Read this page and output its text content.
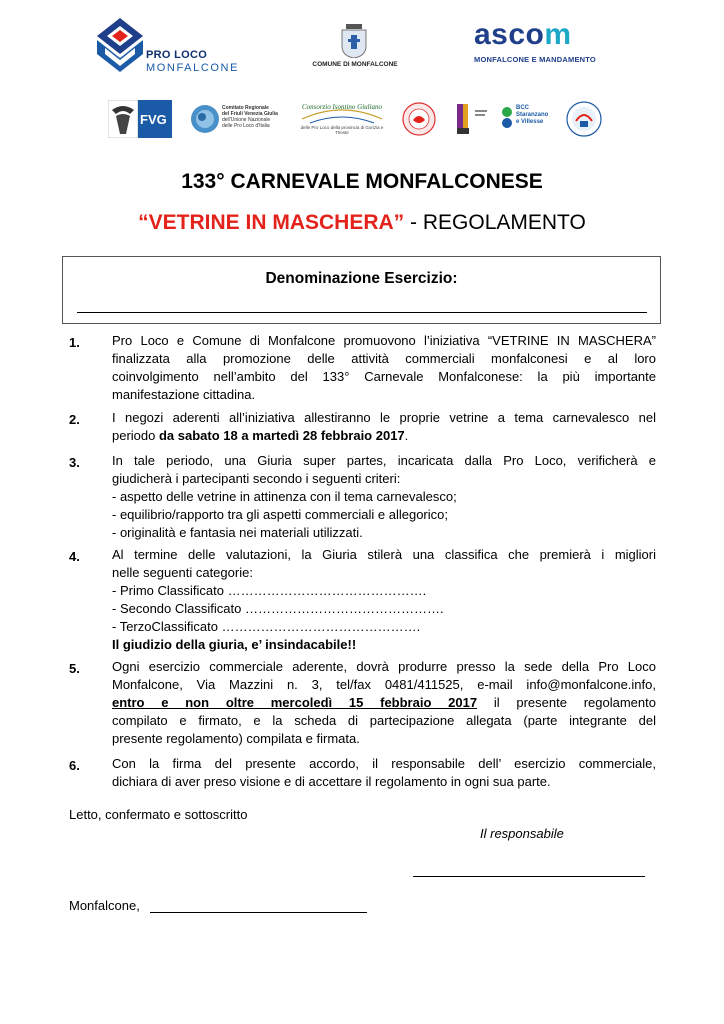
PRO LOCO
MONFALCONE	COMUNE DI MONFALCONE
ascom
MONFALCONE E MANDAMENTO
FVG
Comitato Regionale
del Friuli Venezia Giulia
dell'Unione Nazionale
delle Pro Loco d'Italia
Consorzio Isontino Giuliano
delle Pro Loco della provincia di Gorizia e Trieste
BCC
Staranzano
e Villesse
133° CARNEVALE MONFALCONESE
“VETRINE IN MASCHERA” - REGOLAMENTO
Denominazione Esercizio:
1. Pro Loco e Comune di Monfalcone promuovono l’iniziativa “VETRINE IN MASCHERA”
finalizzata alla promozione delle attività commerciali monfalconesi e al loro
coinvolgimento nell’ambito del 133° Carnevale Monfalconese: la più importante
manifestazione cittadina.
2. I negozi aderenti all’iniziativa allestiranno le proprie vetrine a tema carnevalesco nel
periodo da sabato 18 a martedì 28 febbraio 2017.
3. In tale periodo, una Giuria super partes, incaricata dalla Pro Loco, verificherà e
giudicherà i partecipanti secondo i seguenti criteri:
- aspetto delle vetrine in attinenza con il tema carnevalesco;
- equilibrio/rapporto tra gli aspetti commerciali e allegorico;
- originalità e fantasia nei materiali utilizzati.
4. Al termine delle valutazioni, la Giuria stilerà una classifica che premierà i migliori
nelle seguenti categorie:
- Primo Classificato ……………………………………….
- Secondo Classificato ……………………………………….
- TerzoClassificato ……………………………………….
Il giudizio della giuria, e’ insindacabile!!
5. Ogni esercizio commerciale aderente, dovrà produrre presso la sede della Pro Loco
Monfalcone, Via Mazzini n. 3, tel/fax 0481/411525, e-mail info@monfalcone.info,
entro e non oltre mercoledì 15 febbraio 2017 il presente regolamento
compilato e firmato, e la scheda di partecipazione allegata (parte integrante del
presente regolamento) compilata e firmata.
6. Con la firma del presente accordo, il responsabile dell’ esercizio commerciale,
dichiara di aver preso visione e di accettare il regolamento in ogni sua parte.
Letto, confermato e sottoscritto
Il responsabile
Monfalcone,
